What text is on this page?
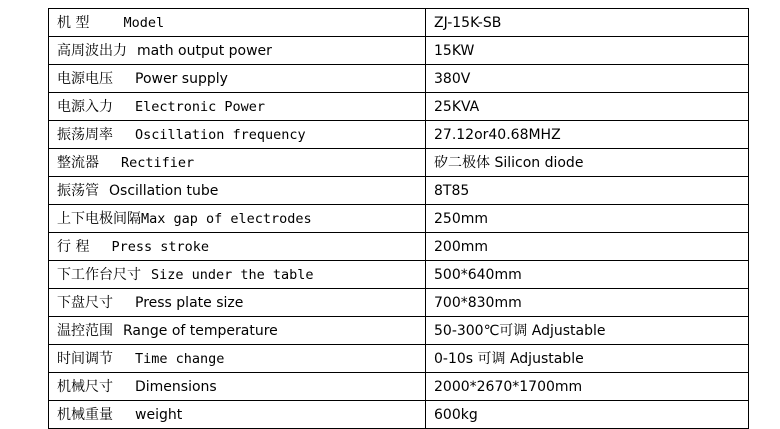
机 型 Model	ZJ-15K-SB
高周波出力 math output power	15KW
电源电压 Power supply	380V
电源入力 Electronic Power	25KVA
振荡周率 Oscillation frequency	27.12or40.68MHZ
整流器 Rectifier	矽二极体 Silicon diode
振荡管 Oscillation tube	8T85
上下电极间隔Max gap of electrodes	250mm
行 程 Press stroke	200mm
下工作台尺寸 Size under the table	500*640mm
下盘尺寸 Press plate size	700*830mm
温控范围 Range of temperature	50-300℃可调 Adjustable
时间调节 Time change	0-10s 可调 Adjustable
机械尺寸 Dimensions	2000*2670*1700mm
机械重量 weight	600kg
